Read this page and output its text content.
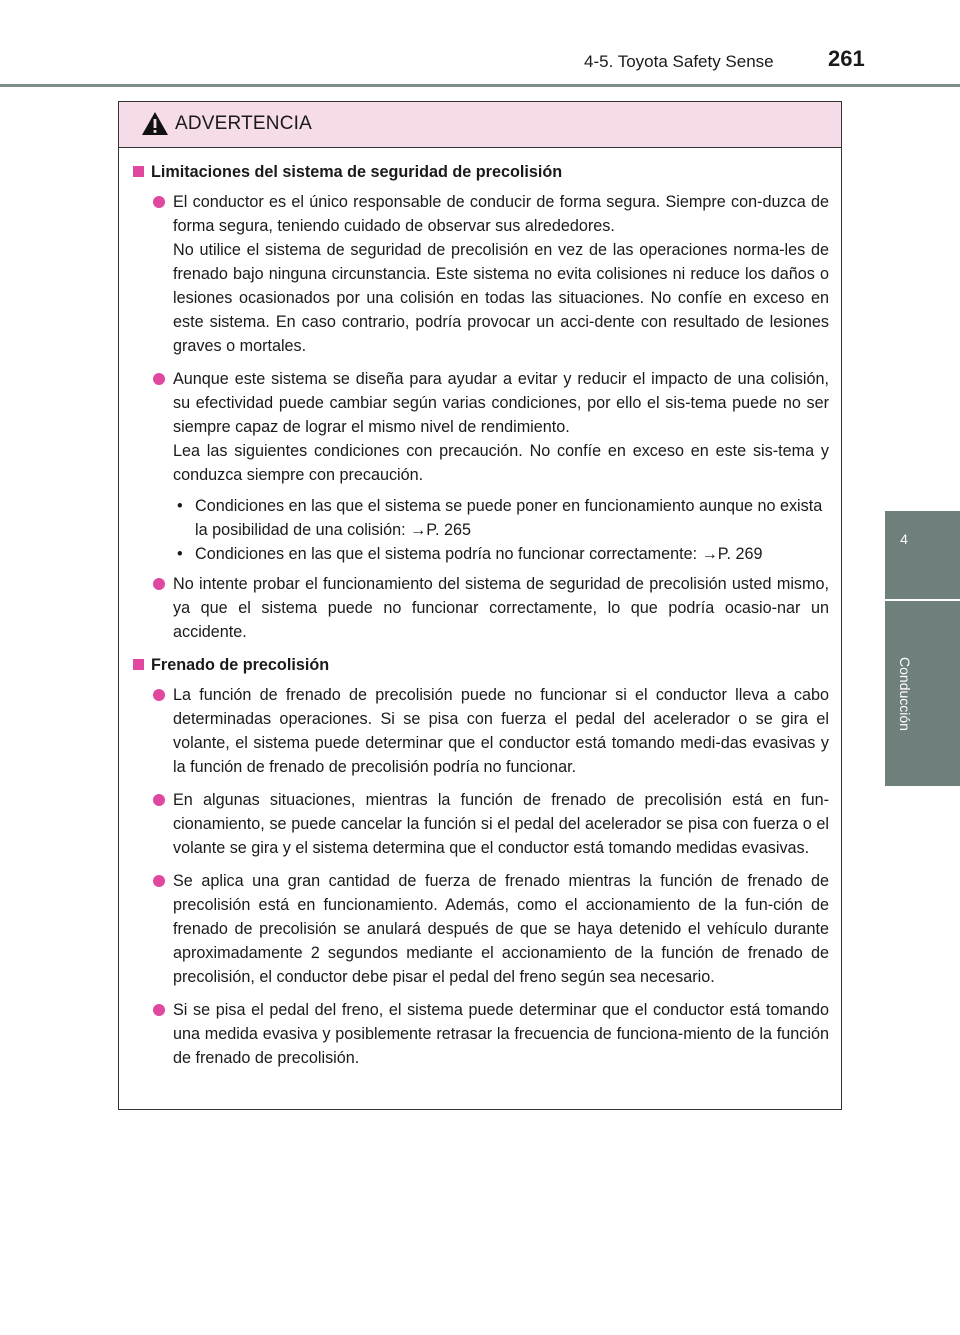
4-5. Toyota Safety Sense 261
4
Conducción
ADVERTENCIA
Limitaciones del sistema de seguridad de precolisión

El conductor es el único responsable de conducir de forma segura. Siempre con-duzca de forma segura, teniendo cuidado de observar sus alrededores.

No utilice el sistema de seguridad de precolisión en vez de las operaciones norma-les de frenado bajo ninguna circunstancia. Este sistema no evita colisiones ni reduce los daños o lesiones ocasionados por una colisión en todas las situaciones. No confíe en exceso en este sistema. En caso contrario, podría provocar un acci-dente con resultado de lesiones graves o mortales.

Aunque este sistema se diseña para ayudar a evitar y reducir el impacto de una colisión, su efectividad puede cambiar según varias condiciones, por ello el sis-tema puede no ser siempre capaz de lograr el mismo nivel de rendimiento.

Lea las siguientes condiciones con precaución. No confíe en exceso en este sis-tema y conduzca siempre con precaución.

• Condiciones en las que el sistema se puede poner en funcionamiento aunque no exista la posibilidad de una colisión: →P. 265
• Condiciones en las que el sistema podría no funcionar correctamente: →P. 269

No intente probar el funcionamiento del sistema de seguridad de precolisión usted mismo, ya que el sistema puede no funcionar correctamente, lo que podría ocasio-nar un accidente.

Frenado de precolisión

La función de frenado de precolisión puede no funcionar si el conductor lleva a cabo determinadas operaciones. Si se pisa con fuerza el pedal del acelerador o se gira el volante, el sistema puede determinar que el conductor está tomando medi-das evasivas y la función de frenado de precolisión podría no funcionar.

En algunas situaciones, mientras la función de frenado de precolisión está en fun-cionamiento, se puede cancelar la función si el pedal del acelerador se pisa con fuerza o el volante se gira y el sistema determina que el conductor está tomando medidas evasivas.

Se aplica una gran cantidad de fuerza de frenado mientras la función de frenado de precolisión está en funcionamiento. Además, como el accionamiento de la fun-ción de frenado de precolisión se anulará después de que se haya detenido el vehículo durante aproximadamente 2 segundos mediante el accionamiento de la función de frenado de precolisión, el conductor debe pisar el pedal del freno según sea necesario.

Si se pisa el pedal del freno, el sistema puede determinar que el conductor está tomando una medida evasiva y posiblemente retrasar la frecuencia de funciona-miento de la función de frenado de precolisión.
